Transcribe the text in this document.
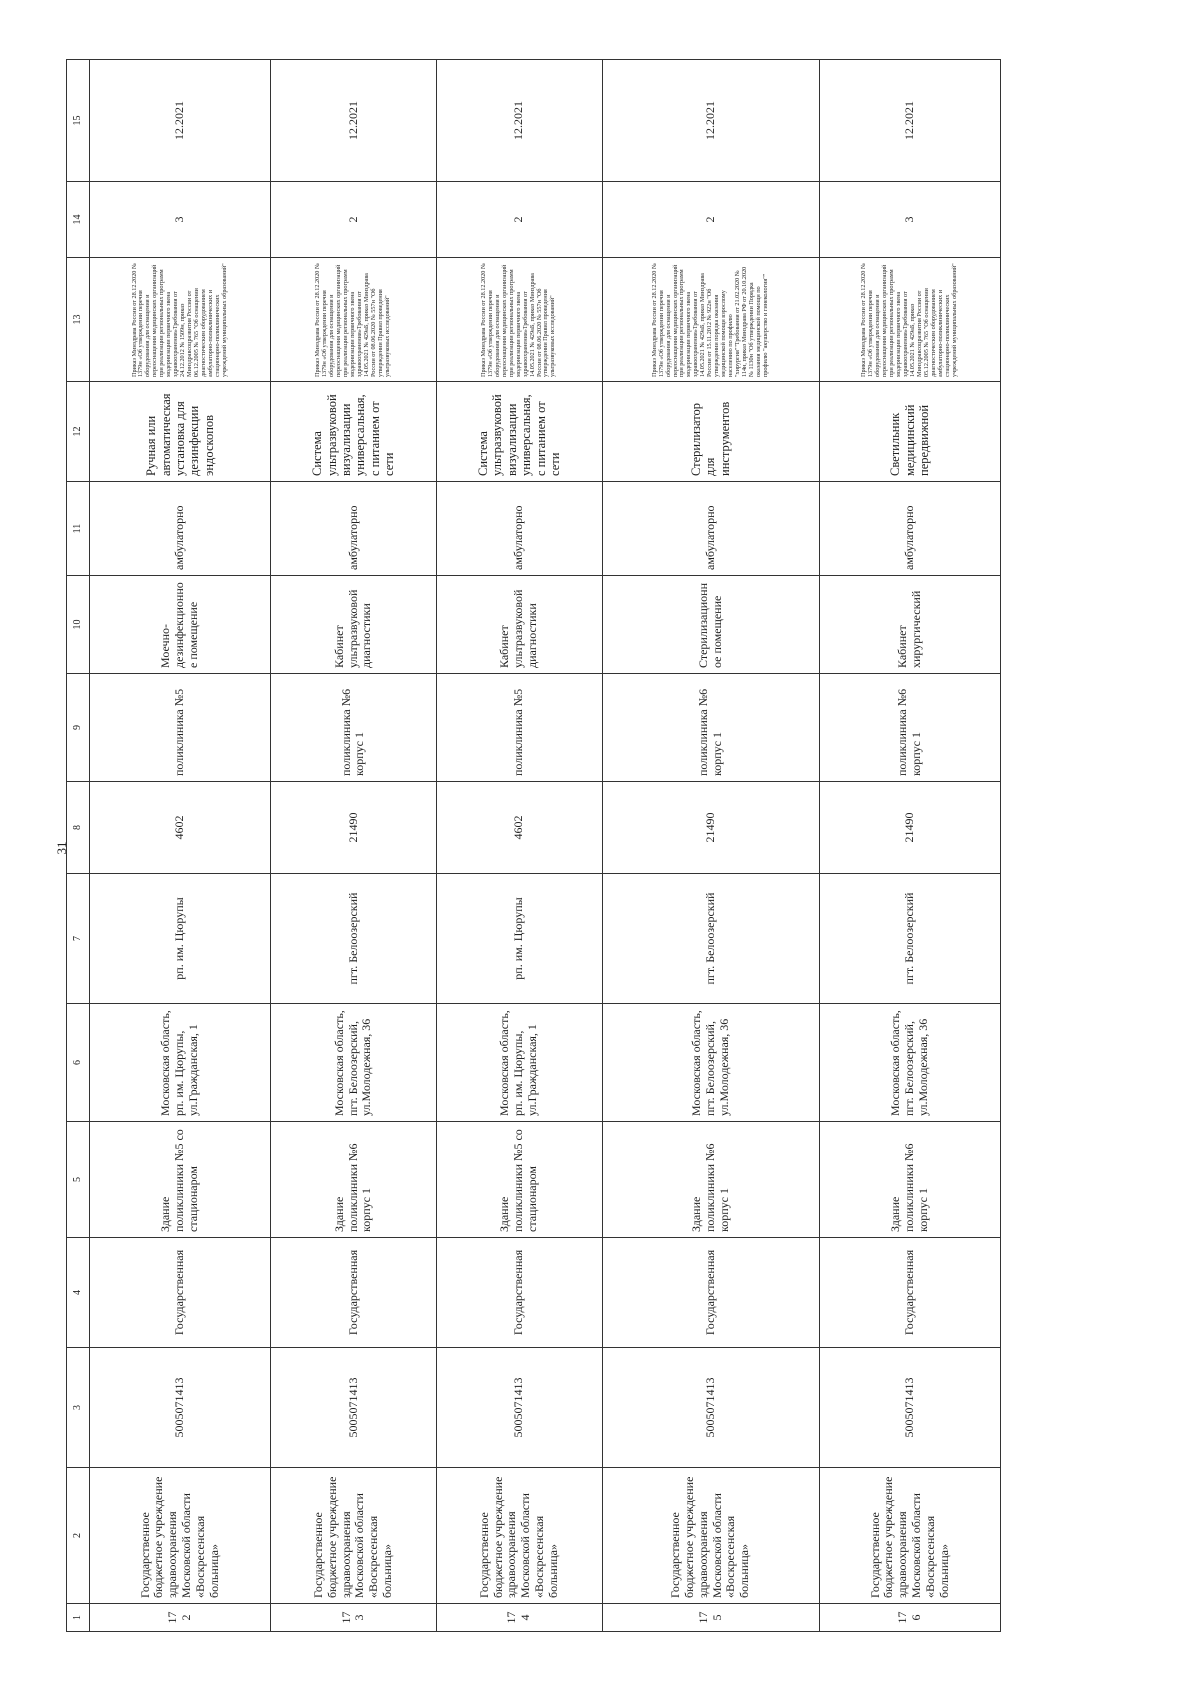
31
1	2	3	4	5	6	7	8	9	10	11	12	13	14	15
172	Государственное бюджетное учреждение здравоохранения Московской области «Воскресенская больница»	5005071413	Государственная	Здание поликлиники №5 со стационаром	Московская область, рп. им. Цюрупы, ул.Гражданская, 1	рп. им. Цюрупы	4602	поликлиника №5	Моечно-дезинфекционное помещение	амбулаторно	Ручная или автоматическая установка для дезинфекции эндоскопов	Приказ Минздрава России от 28.12.2020 № 1379н «Об утверждении перечня оборудования для оснащения и переоснащения медицинских организаций при реализации региональных программ модернизации первичного звена здравоохранения»Требования от 24.12.2012 № 1509н, приказ Минздравсоцразвития России от 06.12.2005 № 765 "Об оснащении диагностическим оборудованием амбулаторно-поликлинических и стационарно-поликлинических учреждений муниципальных образований"	3	12.2021
173	Государственное бюджетное учреждение здравоохранения Московской области «Воскресенская больница»	5005071413	Государственная	Здание поликлиники №6 корпус 1	Московская область, пгт. Белоозерский, ул.Молодежная, 36	пгт. Белоозерский	21490	поликлиника №6 корпус 1	Кабинет ультразвуковой диагностики	амбулаторно	Система ультразвуковой визуализации универсальная, с питанием от сети	Приказ Минздрава России от 28.12.2020 № 1379н «Об утверждении перечня оборудования для оснащения и переоснащения медицинских организаций при реализации региональных программ модернизации первичного звена здравоохранения»Требования от 14.05.2021 № 429аБ, приказ Минздрава России от 08.06.2020 № 557н "Об утверждении Правил проведения ультразвуковых исследований"	2	12.2021
174	Государственное бюджетное учреждение здравоохранения Московской области «Воскресенская больница»	5005071413	Государственная	Здание поликлиники №5 со стационаром	Московская область, рп. им. Цюрупы, ул.Гражданская, 1	рп. им. Цюрупы	4602	поликлиника №5	Кабинет ультразвуковой диагностики	амбулаторно	Система ультразвуковой визуализации универсальная, с питанием от сети	Приказ Минздрава России от 28.12.2020 № 1379н «Об утверждении перечня оборудования для оснащения и переоснащения медицинских организаций при реализации региональных программ модернизации первичного звена здравоохранения»Требования от 14.05.2021 № 429аБ, приказ Минздрава России от 08.06.2020 № 557н "Об утверждении Правил проведения ультразвуковых исследований"	2	12.2021
175	Государственное бюджетное учреждение здравоохранения Московской области «Воскресенская больница»	5005071413	Государственная	Здание поликлиники №6 корпус 1	Московская область, пгт. Белоозерский, ул.Молодежная, 36	пгт. Белоозерский	21490	поликлиника №6 корпус 1	Стерилизационное помещение	амбулаторно	Стерилизатор для инструментов	Приказ Минздрава России от 28.12.2020 № 1379н «Об утверждении перечня оборудования для оснащения и переоснащения медицинских организаций при реализации региональных программ модернизации первичного звена здравоохранения»Требования от 14.05.2021 № 429аБ, приказ Минздрава России от 15.11.2012 № 922н "Об утверждении порядка оказания медицинской помощи взрослому населению по профилю "хирургия""Требования от 21.02.2020 № 114н, приказ Минздрава РФ от 20.10.2020 № 1130н "Об утверждении Порядка оказания медицинской помощи по профилю "акушерство и гинекология""	2	12.2021
176	Государственное бюджетное учреждение здравоохранения Московской области «Воскресенская больница»	5005071413	Государственная	Здание поликлиники №6 корпус 1	Московская область, пгт. Белоозерский, ул.Молодежная, 36	пгт. Белоозерский	21490	поликлиника №6 корпус 1	Кабинет хирургический	амбулаторно	Светильник медицинский передвижной	Приказ Минздрава России от 28.12.2020 № 1379н «Об утверждении перечня оборудования для оснащения и переоснащения медицинских организаций при реализации региональных программ модернизации первичного звена здравоохранения»Требования от 14.05.2021 № 429аБ, приказ Минздравсоцразвития России от 05.12.2005 № 765 "Об оснащении диагностическим оборудованием амбулаторно-поликлинических и стационарно-поликлинических учреждений муниципальных образований"	3	12.2021
